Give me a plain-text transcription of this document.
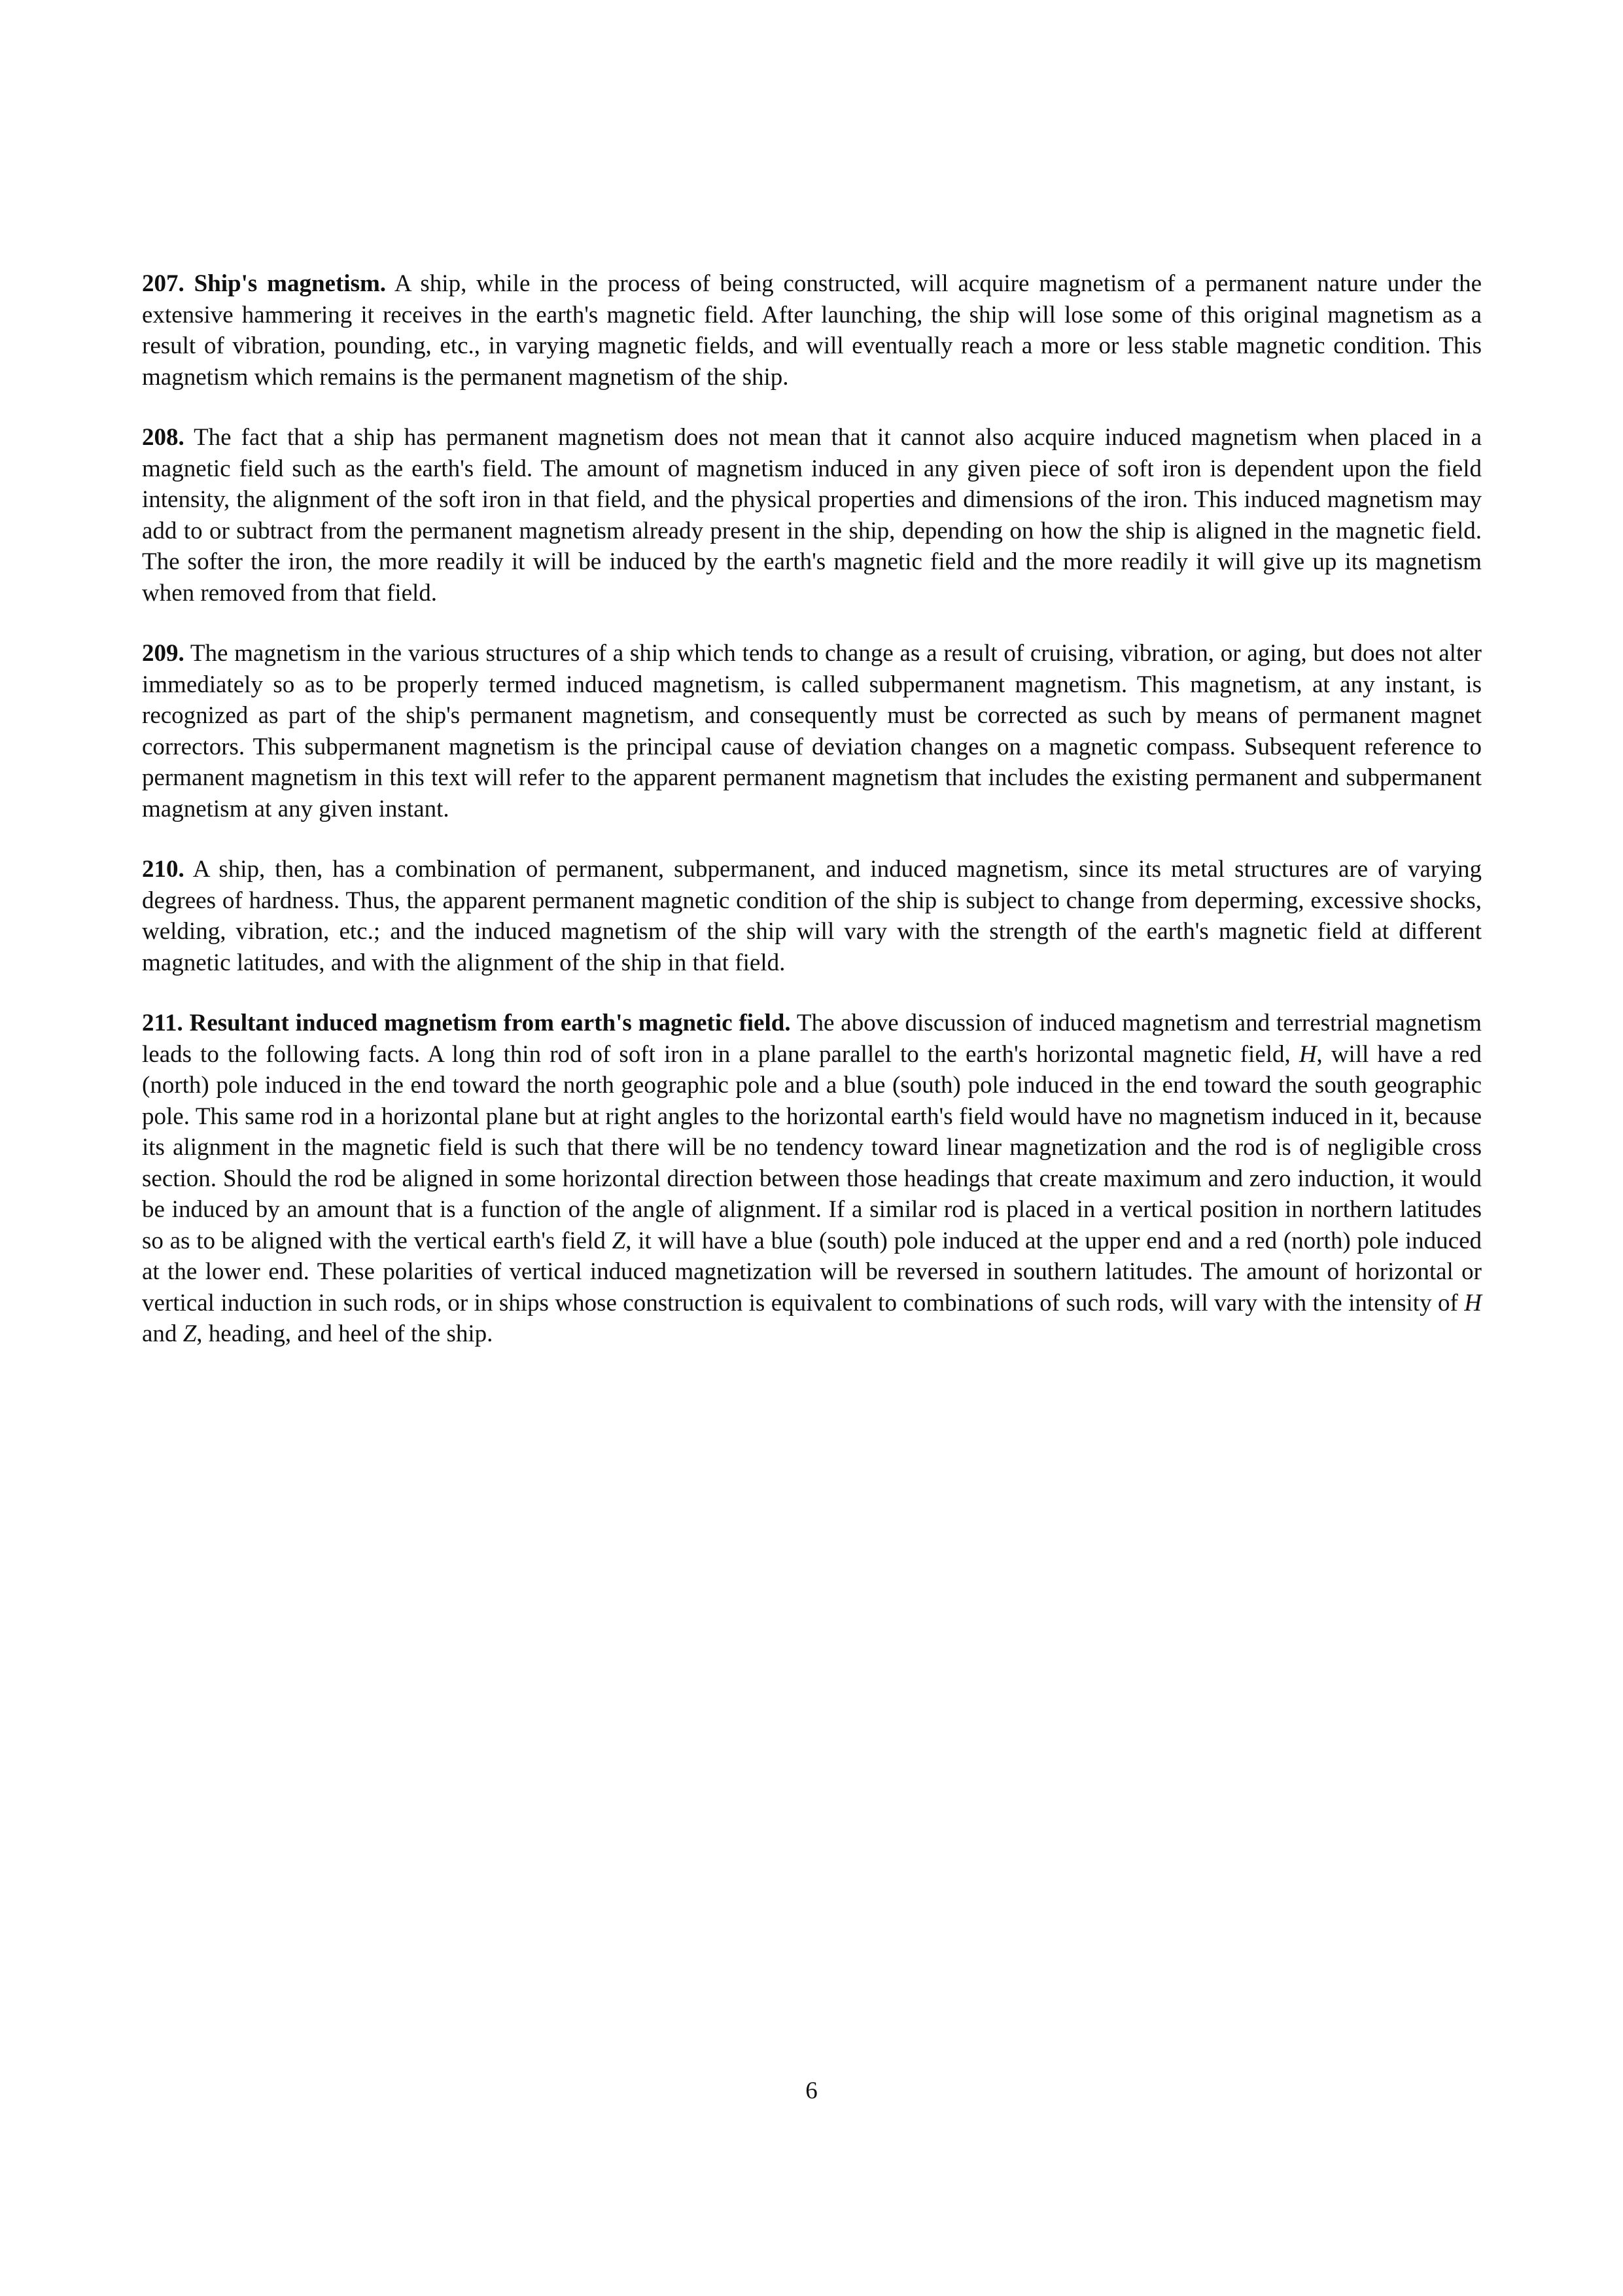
207. Ship's magnetism. A ship, while in the process of being constructed, will acquire magnetism of a permanent nature under the extensive hammering it receives in the earth's magnetic field. After launching, the ship will lose some of this original magnetism as a result of vibration, pounding, etc., in varying magnetic fields, and will eventually reach a more or less stable magnetic condition. This magnetism which remains is the permanent magnetism of the ship.

208. The fact that a ship has permanent magnetism does not mean that it cannot also acquire induced magnetism when placed in a magnetic field such as the earth's field. The amount of magnetism induced in any given piece of soft iron is dependent upon the field intensity, the alignment of the soft iron in that field, and the physical properties and dimensions of the iron. This induced magnetism may add to or subtract from the permanent magnetism already present in the ship, depending on how the ship is aligned in the magnetic field. The softer the iron, the more readily it will be induced by the earth's magnetic field and the more readily it will give up its magnetism when removed from that field.

209. The magnetism in the various structures of a ship which tends to change as a result of cruising, vibration, or aging, but does not alter immediately so as to be properly termed induced magnetism, is called subpermanent magnetism. This magnetism, at any instant, is recognized as part of the ship's permanent magnetism, and consequently must be corrected as such by means of permanent magnet correctors. This subpermanent magnetism is the principal cause of deviation changes on a magnetic compass. Subsequent reference to permanent magnetism in this text will refer to the apparent permanent magnetism that includes the existing permanent and subpermanent magnetism at any given instant.

210. A ship, then, has a combination of permanent, subpermanent, and induced magnetism, since its metal structures are of varying degrees of hardness. Thus, the apparent permanent magnetic condition of the ship is subject to change from deperming, excessive shocks, welding, vibration, etc.; and the induced magnetism of the ship will vary with the strength of the earth's magnetic field at different magnetic latitudes, and with the alignment of the ship in that field.

211. Resultant induced magnetism from earth's magnetic field. The above discussion of induced magnetism and terrestrial magnetism leads to the following facts. A long thin rod of soft iron in a plane parallel to the earth's horizontal magnetic field, H, will have a red (north) pole induced in the end toward the north geographic pole and a blue (south) pole induced in the end toward the south geographic pole. This same rod in a horizontal plane but at right angles to the horizontal earth's field would have no magnetism induced in it, because its alignment in the magnetic field is such that there will be no tendency toward linear magnetization and the rod is of negligible cross section. Should the rod be aligned in some horizontal direction between those headings that create maximum and zero induction, it would be induced by an amount that is a function of the angle of alignment. If a similar rod is placed in a vertical position in northern latitudes so as to be aligned with the vertical earth's field Z, it will have a blue (south) pole induced at the upper end and a red (north) pole induced at the lower end. These polarities of vertical induced magnetization will be reversed in southern latitudes. The amount of horizontal or vertical induction in such rods, or in ships whose construction is equivalent to combinations of such rods, will vary with the intensity of H and Z, heading, and heel of the ship.

6
